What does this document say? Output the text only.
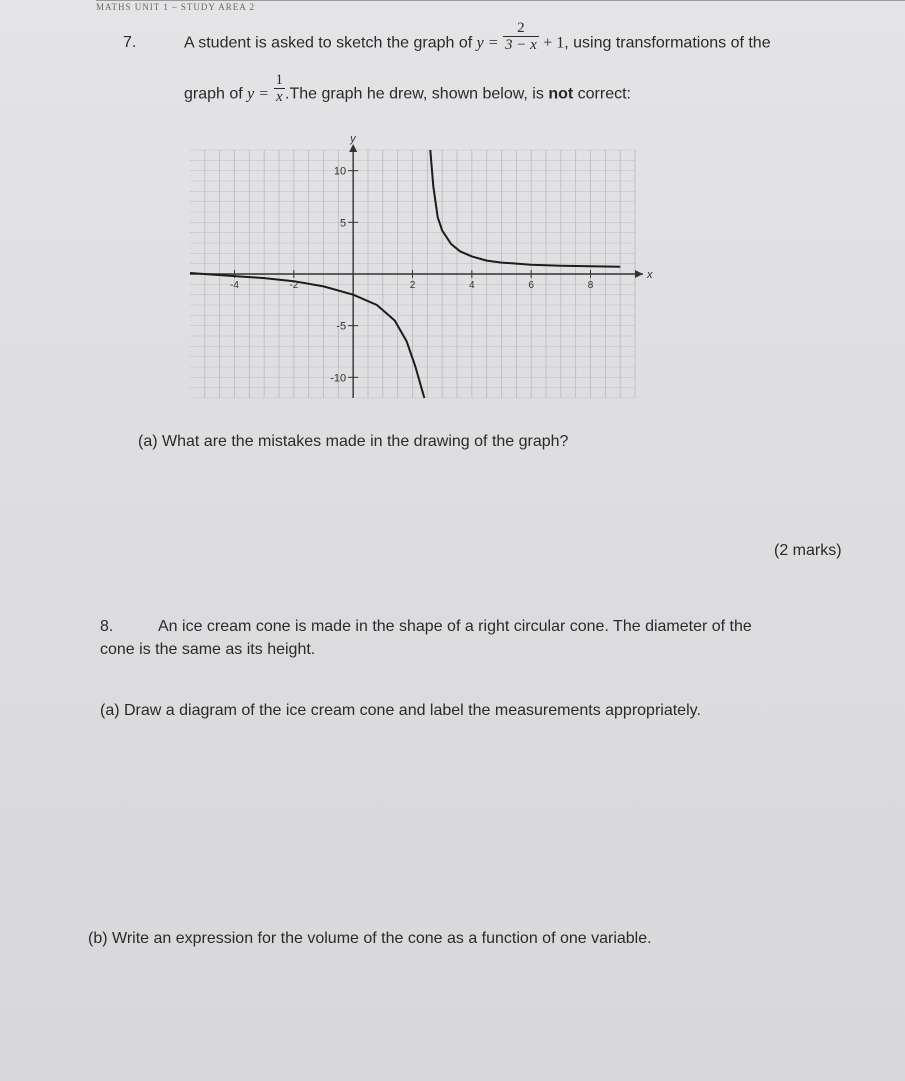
MATHS UNIT 1 – STUDY AREA 2
7.	A student is asked to sketch the graph of $y = \frac{2}{3 - x} + 1$, using transformations of the
graph of $y = \frac{1}{x} .The$ graph he drew, shown below, is not correct:
x
y
-4	-2	2	4	6	8
10
5
-5
-10
(a) What are the mistakes made in the drawing of the graph?
(2 marks)
8.	An ice cream cone is made in the shape of a right circular cone. The diameter of the
cone is the same as its height.
(a) Draw a diagram of the ice cream cone and label the measurements appropriately.
(b) Write an expression for the volume of the cone as a function of one variable.
